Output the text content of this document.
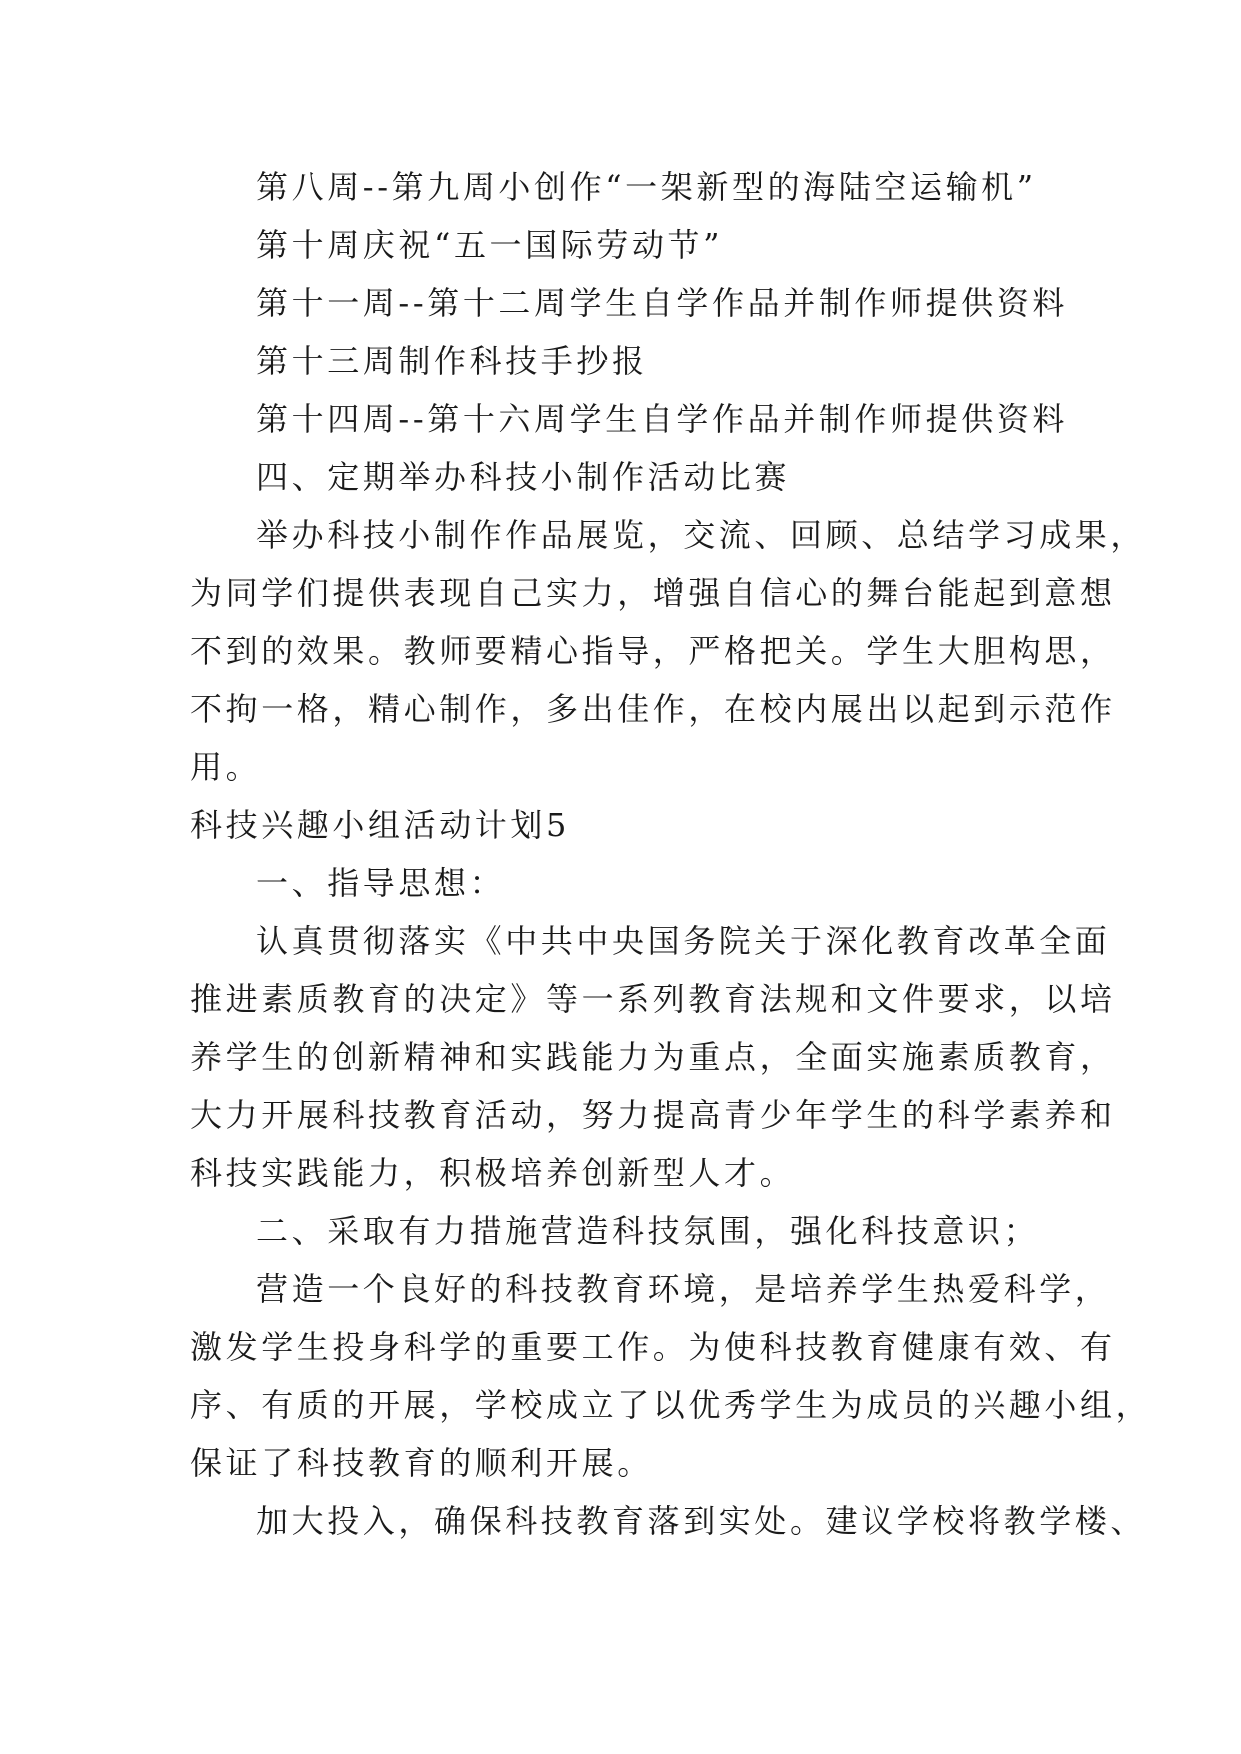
第八周--第九周小创作“一架新型的海陆空运输机”
第十周庆祝“五一国际劳动节”
第十一周--第十二周学生自学作品并制作师提供资料
第十三周制作科技手抄报
第十四周--第十六周学生自学作品并制作师提供资料
四、定期举办科技小制作活动比赛
举办科技小制作作品展览，交流、回顾、总结学习成果，
为同学们提供表现自己实力，增强自信心的舞台能起到意想
不到的效果。教师要精心指导，严格把关。学生大胆构思，
不拘一格，精心制作，多出佳作，在校内展出以起到示范作
用。
科技兴趣小组活动计划5
一、指导思想：
认真贯彻落实《中共中央国务院关于深化教育改革全面
推进素质教育的决定》等一系列教育法规和文件要求，以培
养学生的创新精神和实践能力为重点，全面实施素质教育，
大力开展科技教育活动，努力提高青少年学生的科学素养和
科技实践能力，积极培养创新型人才。
二、采取有力措施营造科技氛围，强化科技意识；
营造一个良好的科技教育环境，是培养学生热爱科学，
激发学生投身科学的重要工作。为使科技教育健康有效、有
序、有质的开展，学校成立了以优秀学生为成员的兴趣小组，
保证了科技教育的顺利开展。
加大投入，确保科技教育落到实处。建议学校将教学楼、
